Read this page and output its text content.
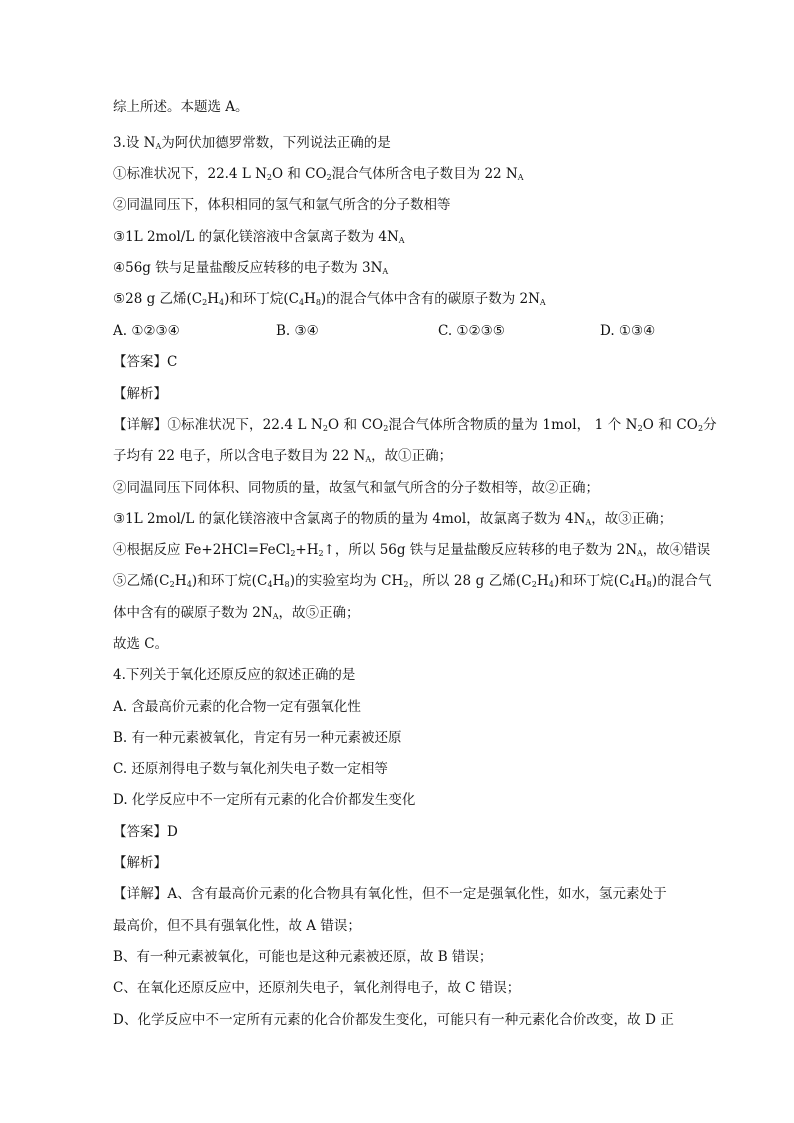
综上所述。本题选 A。
3.设 $N_A$为阿伏加德罗常数，下列说法正确的是
①标准状况下，22.4 L $N_2O$ 和 $CO_2$混合气体所含电子数目为 22 $N_A$
②同温同压下，体积相同的氢气和氩气所含的分子数相等
③1L 2mol/L 的氯化镁溶液中含氯离子数为 $4N_A$
④56g 铁与足量盐酸反应转移的电子数为 $3N_A$
⑤28 g 乙烯$(C_2H_4)$和环丁烷$(C_4H_8)$的混合气体中含有的碳原子数为 $2N_A$
A. ①②③④	B. ③④	C. ①②③⑤	D. ①③④
【答案】C
【解析】
【详解】①标准状况下，22.4 L $N_2O$ 和 $CO_2$混合气体所含物质的量为 1mol， 1 个 $N_2O$ 和 $CO_2$分
子均有 22 电子，所以含电子数目为 22 $N_A$，故①正确；
②同温同压下同体积、同物质的量，故氢气和氩气所含的分子数相等，故②正确；
③1L 2mol/L 的氯化镁溶液中含氯离子的物质的量为 4mol，故氯离子数为 $4N_A$，故③正确；
④根据反应 $Fe+2HCl=FeCl_2+H_2↑$，所以 56g 铁与足量盐酸反应转移的电子数为 $2N_A$，故④错误
⑤乙烯$(C_2H_4)$和环丁烷$(C_4H_8)$的实验室均为 $CH_2$，所以 28 g 乙烯$(C_2H_4)$和环丁烷$(C_4H_8)$的混合气
体中含有的碳原子数为 $2N_A$，故⑤正确；
故选 C。
4.下列关于氧化还原反应的叙述正确的是
A. 含最高价元素的化合物一定有强氧化性
B. 有一种元素被氧化，肯定有另一种元素被还原
C. 还原剂得电子数与氧化剂失电子数一定相等
D. 化学反应中不一定所有元素的化合价都发生变化
【答案】D
【解析】
【详解】A、含有最高价元素的化合物具有氧化性，但不一定是强氧化性，如水，氢元素处于
最高价，但不具有强氧化性，故 A 错误；
B、有一种元素被氧化，可能也是这种元素被还原，故 B 错误；
C、在氧化还原反应中，还原剂失电子，氧化剂得电子，故 C 错误；
D、化学反应中不一定所有元素的化合价都发生变化，可能只有一种元素化合价改变，故 D 正
